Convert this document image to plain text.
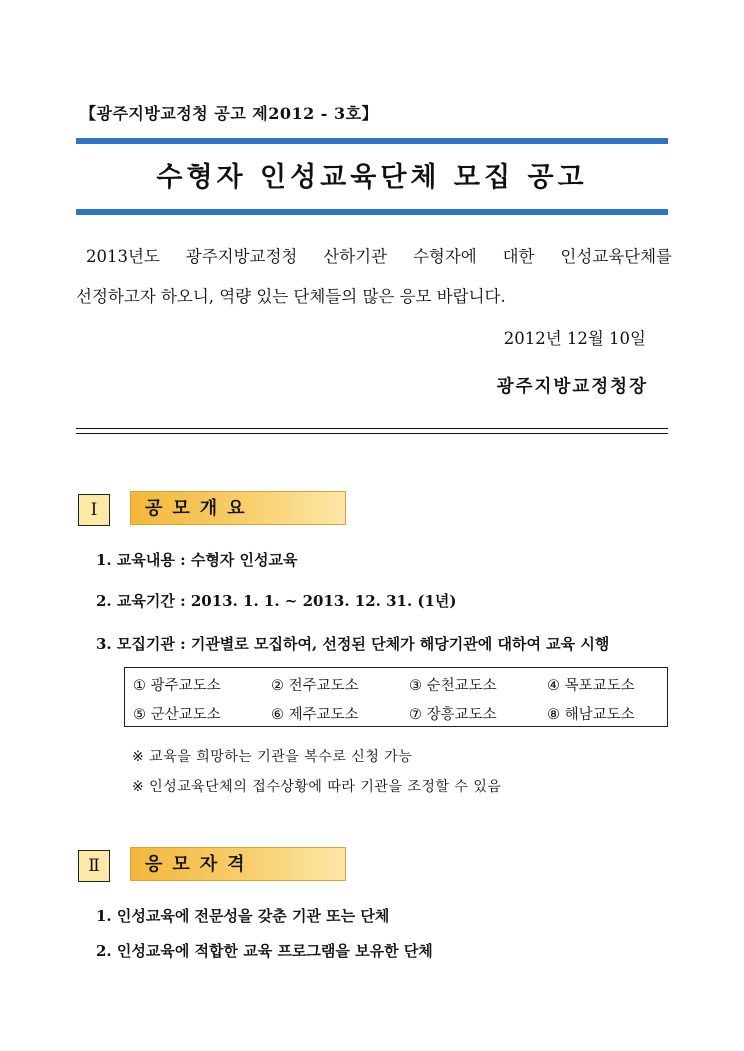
【광주지방교정청 공고 제2012 - 3호】
수형자 인성교육단체 모집 공고
2013년도 광주지방교정청 산하기관 수형자에 대한 인성교육단체를
선정하고자 하오니, 역량 있는 단체들의 많은 응모 바랍니다.
2012년 12월 10일
광주지방교정청장
Ⅰ	공모개요
1. 교육내용 : 수형자 인성교육
2. 교육기간 : 2013. 1. 1. ~ 2013. 12. 31. (1년)
3. 모집기관 : 기관별로 모집하여, 선정된 단체가 해당기관에 대하여 교육 시행
① 광주교도소	② 전주교도소	③ 순천교도소	④ 목포교도소
⑤ 군산교도소	⑥ 제주교도소	⑦ 장흥교도소	⑧ 해남교도소
※ 교육을 희망하는 기관을 복수로 신청 가능
※ 인성교육단체의 접수상황에 따라 기관을 조정할 수 있음
Ⅱ	응모자격
1. 인성교육에 전문성을 갖춘 기관 또는 단체
2. 인성교육에 적합한 교육 프로그램을 보유한 단체
